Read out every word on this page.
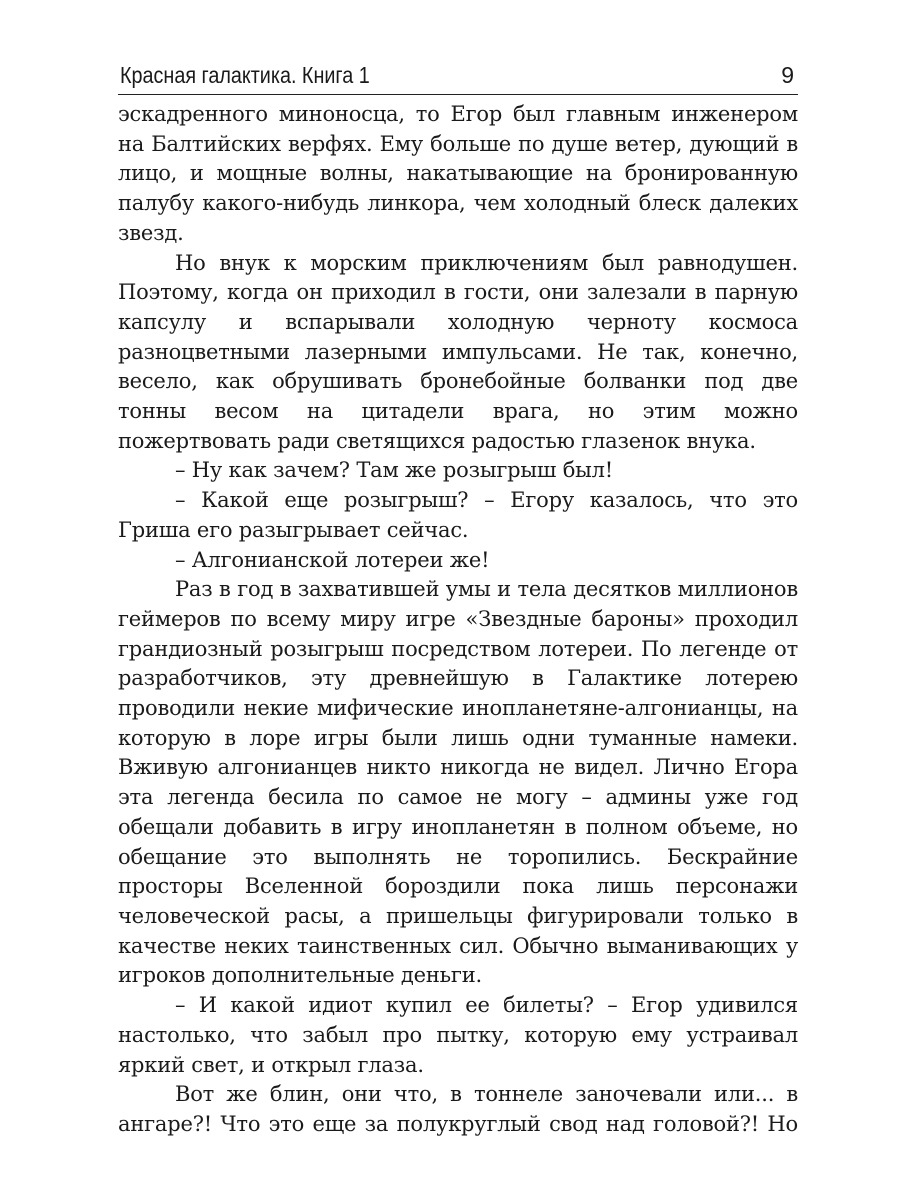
Красная галактика. Книга 1	9

эскадренного миноносца, то Егор был главным инженером на Балтийских верфях. Ему больше по душе ветер, дующий в лицо, и мощные волны, накатывающие на бронированную палубу какого-нибудь линкора, чем холодный блеск далеких звезд.

Но внук к морским приключениям был равнодушен. Поэтому, когда он приходил в гости, они залезали в парную капсулу и вспарывали холодную черноту космоса разноцветными лазерными импульсами. Не так, конечно, весело, как обрушивать бронебойные болванки под две тонны весом на цитадели врага, но этим можно пожертвовать ради светящихся радостью глазенок внука.

– Ну как зачем? Там же розыгрыш был!

– Какой еще розыгрыш? – Егору казалось, что это Гриша его разыгрывает сейчас.

– Алгонианской лотереи же!

Раз в год в захватившей умы и тела десятков миллионов геймеров по всему миру игре «Звездные бароны» проходил грандиозный розыгрыш посредством лотереи. По легенде от разработчиков, эту древнейшую в Галактике лотерею проводили некие мифические инопланетяне-алгонианцы, на которую в лоре игры были лишь одни туманные намеки. Вживую алгонианцев никто никогда не видел. Лично Егора эта легенда бесила по самое не могу – админы уже год обещали добавить в игру инопланетян в полном объеме, но обещание это выполнять не торопились. Бескрайние просторы Вселенной бороздили пока лишь персонажи человеческой расы, а пришельцы фигурировали только в качестве неких таинственных сил. Обычно выманивающих у игроков дополнительные деньги.

– И какой идиот купил ее билеты? – Егор удивился настолько, что забыл про пытку, которую ему устраивал яркий свет, и открыл глаза.

Вот же блин, они что, в тоннеле заночевали или... в ангаре?! Что это еще за полукруглый свод над головой?! Но
